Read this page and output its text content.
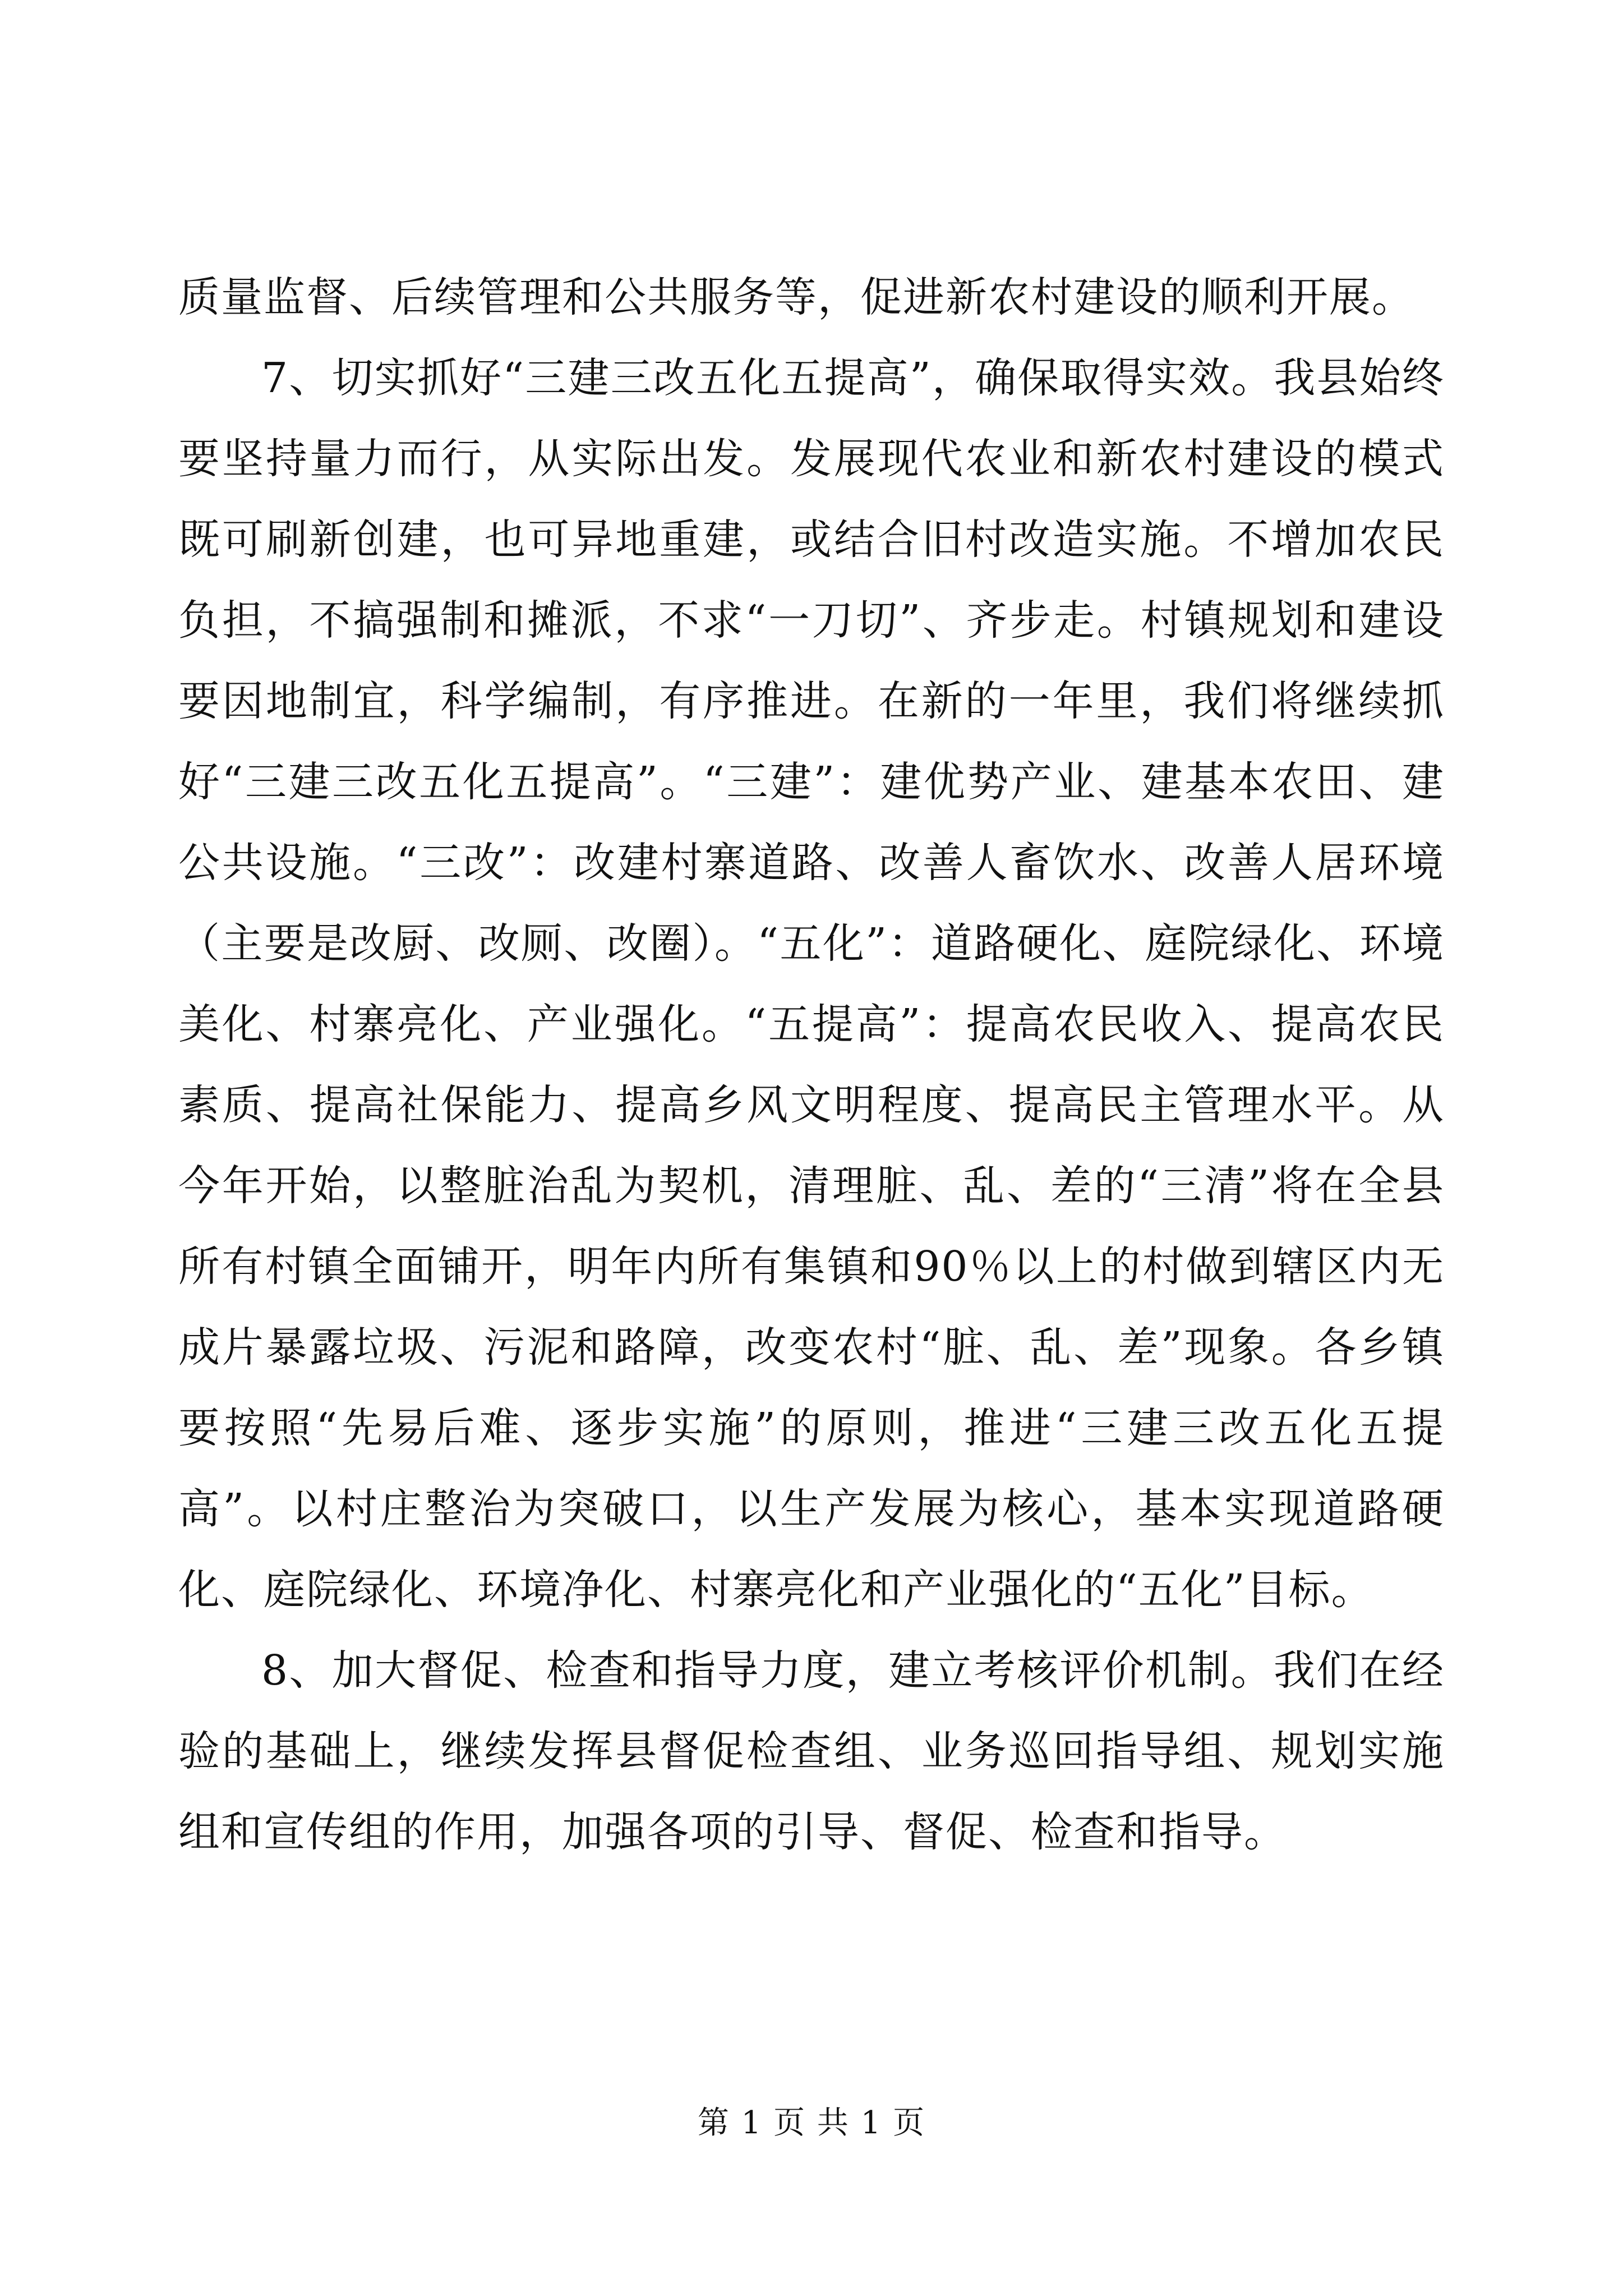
质量监督、后续管理和公共服务等，促进新农村建设的顺利开展。

7、切实抓好“三建三改五化五提高”，确保取得实效。我县始终要坚持量力而行，从实际出发。发展现代农业和新农村建设的模式既可刷新创建，也可异地重建，或结合旧村改造实施。不增加农民负担，不搞强制和摊派，不求“一刀切”、齐步走。村镇规划和建设要因地制宜，科学编制，有序推进。在新的一年里，我们将继续抓好“三建三改五化五提高”。“三建”：建优势产业、建基本农田、建公共设施。“三改”：改建村寨道路、改善人畜饮水、改善人居环境（主要是改厨、改厕、改圈）。“五化”：道路硬化、庭院绿化、环境美化、村寨亮化、产业强化。“五提高”：提高农民收入、提高农民素质、提高社保能力、提高乡风文明程度、提高民主管理水平。从今年开始，以整脏治乱为契机，清理脏、乱、差的“三清”将在全县所有村镇全面铺开，明年内所有集镇和90％以上的村做到辖区内无成片暴露垃圾、污泥和路障，改变农村“脏、乱、差”现象。各乡镇要按照“先易后难、逐步实施”的原则，推进“三建三改五化五提高”。以村庄整治为突破口，以生产发展为核心，基本实现道路硬化、庭院绿化、环境净化、村寨亮化和产业强化的“五化”目标。

8、加大督促、检查和指导力度，建立考核评价机制。我们在经验的基础上，继续发挥县督促检查组、业务巡回指导组、规划实施组和宣传组的作用，加强各项的引导、督促、检查和指导。

第 1 页 共 1 页
